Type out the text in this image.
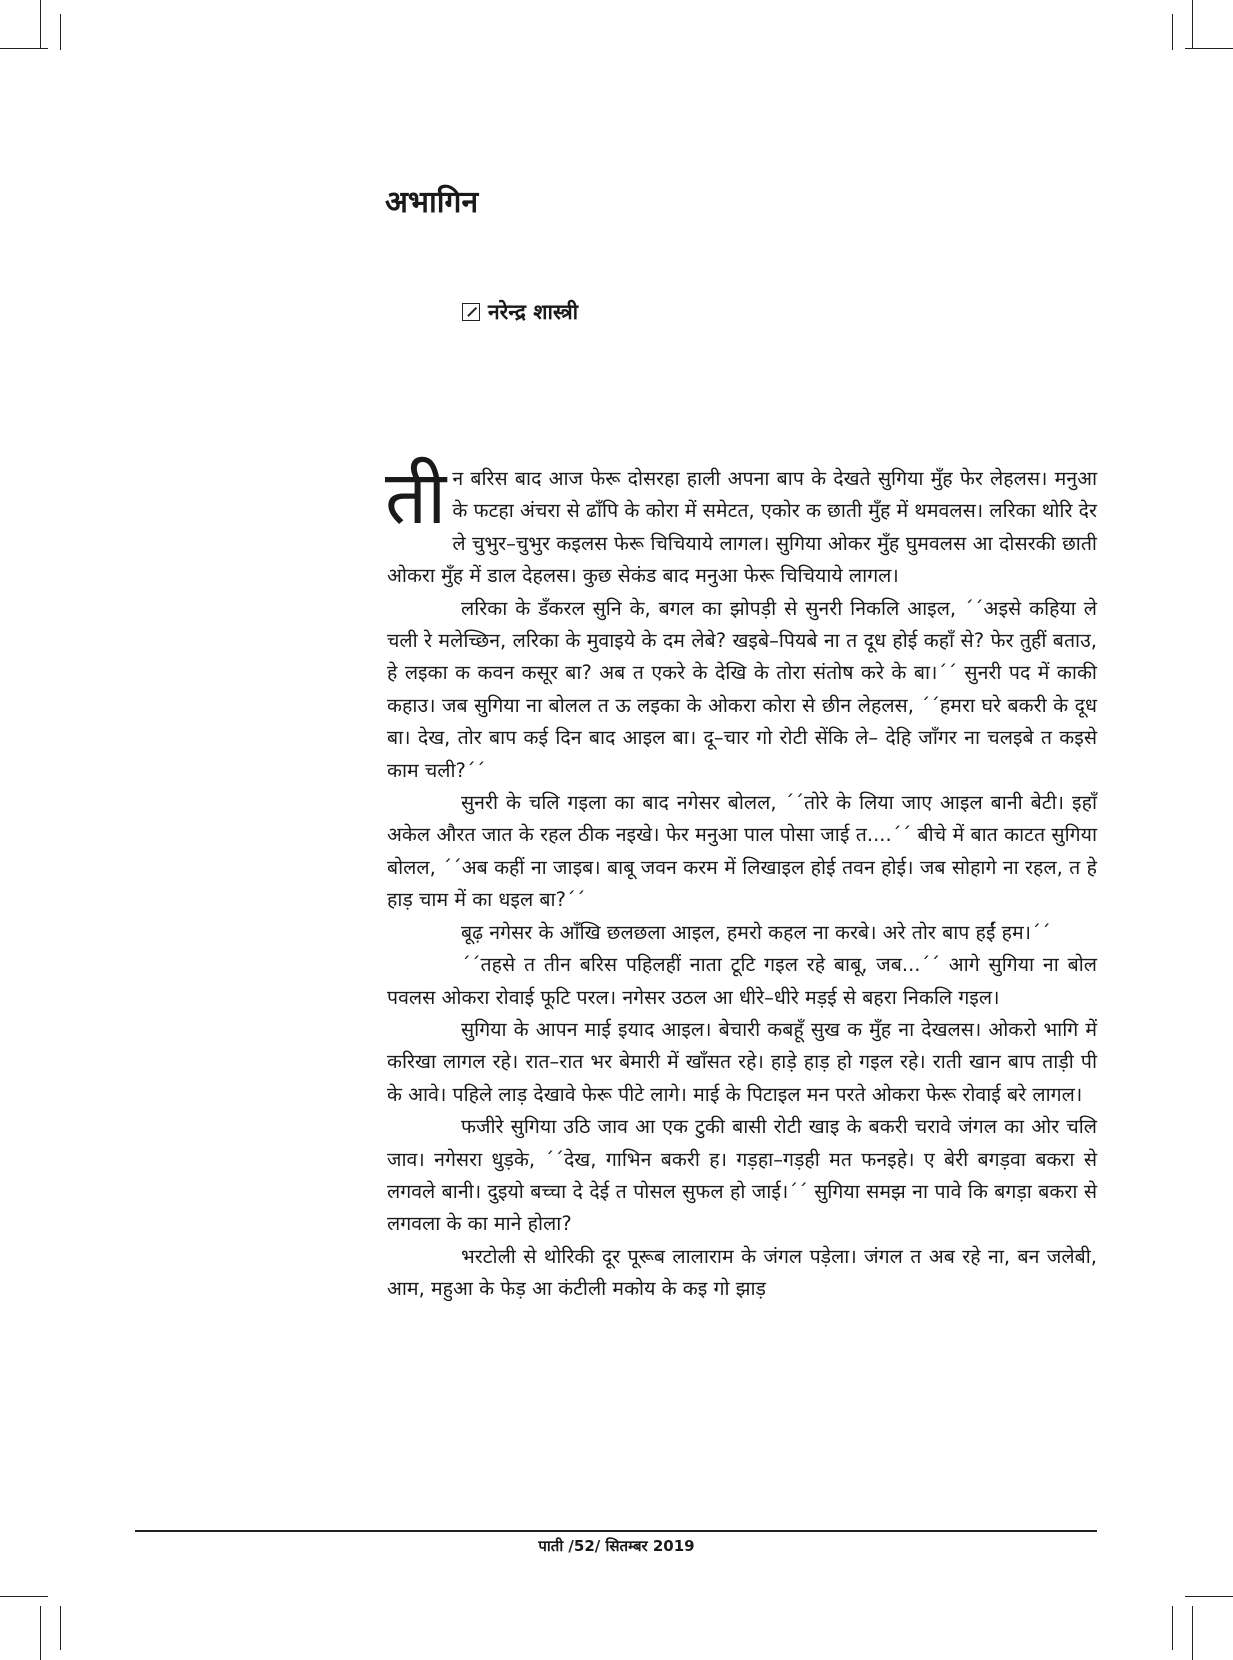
अभागिन
नरेन्द्र शास्त्री

तीन बरिस बाद आज फेरू दोसरहा हाली अपना बाप के देखते सुगिया मुँह फेर लेहलस। मनुआ के फटहा अंचरा से ढाँपि के कोरा में समेटत, एकोर क छाती मुँह में थमवलस। लरिका थोरि देर ले चुभुर–चुभुर कइलस फेरू चिचियाये लागल। सुगिया ओकर मुँह घुमवलस आ दोसरकी छाती ओकरा मुँह में डाल देहलस। कुछ सेकंड बाद मनुआ फेरू चिचियाये लागल।

लरिका के डँकरल सुनि के, बगल का झोपड़ी से सुनरी निकलि आइल, ´´अइसे कहिया ले चली रे मलेच्छिन, लरिका के मुवाइये के दम लेबे? खइबे–पियबे ना त दूध होई कहाँ से? फेर तुहीं बताउ, हे लइका क कवन कसूर बा? अब त एकरे के देखि के तोरा संतोष करे के बा।´´ सुनरी पद में काकी कहाउ। जब सुगिया ना बोलल त ऊ लइका के ओकरा कोरा से छीन लेहलस, ´´हमरा घरे बकरी के दूध बा। देख, तोर बाप कई दिन बाद आइल बा। दू–चार गो रोटी सेंकि ले– देहि जाँगर ना चलइबे त कइसे काम चली?´´

सुनरी के चलि गइला का बाद नगेसर बोलल, ´´तोरे के लिया जाए आइल बानी बेटी। इहाँ अकेल औरत जात के रहल ठीक नइखे। फेर मनुआ पाल पोसा जाई त....´´ बीचे में बात काटत सुगिया बोलल, ´´अब कहीं ना जाइब। बाबू जवन करम में लिखाइल होई तवन होई। जब सोहागे ना रहल, त हे हाड़ चाम में का धइल बा?´´

बूढ़ नगेसर के आँखि छलछला आइल, हमरो कहल ना करबे। अरे तोर बाप हईं हम।´´

´´तहसे त तीन बरिस पहिलहीं नाता टूटि गइल रहे बाबू, जब...´´ आगे सुगिया ना बोल पवलस ओकरा रोवाई फूटि परल। नगेसर उठल आ धीरे–धीरे मड़ई से बहरा निकलि गइल।

सुगिया के आपन माई इयाद आइल। बेचारी कबहूँ सुख क मुँह ना देखलस। ओकरो भागि में करिखा लागल रहे। रात–रात भर बेमारी में खाँसत रहे। हाड़े हाड़ हो गइल रहे। राती खान बाप ताड़ी पी के आवे। पहिले लाड़ देखावे फेरू पीटे लागे। माई के पिटाइल मन परते ओकरा फेरू रोवाई बरे लागल।

फजीरे सुगिया उठि जाव आ एक टुकी बासी रोटी खाइ के बकरी चरावे जंगल का ओर चलि जाव। नगेसरा धुड़के, ´´देख, गाभिन बकरी ह। गड़हा–गड़ही मत फनइहे। ए बेरी बगड़वा बकरा से लगवले बानी। दुइयो बच्चा दे देई त पोसल सुफल हो जाई।´´ सुगिया समझ ना पावे कि बगड़ा बकरा से लगवला के का माने होला?

भरटोली से थोरिकी दूर पूरूब लालाराम के जंगल पड़ेला। जंगल त अब रहे ना, बन जलेबी, आम, महुआ के फेड़ आ कंटीली मकोय के कइ गो झाड़

पाती /52/ सितम्बर 2019
